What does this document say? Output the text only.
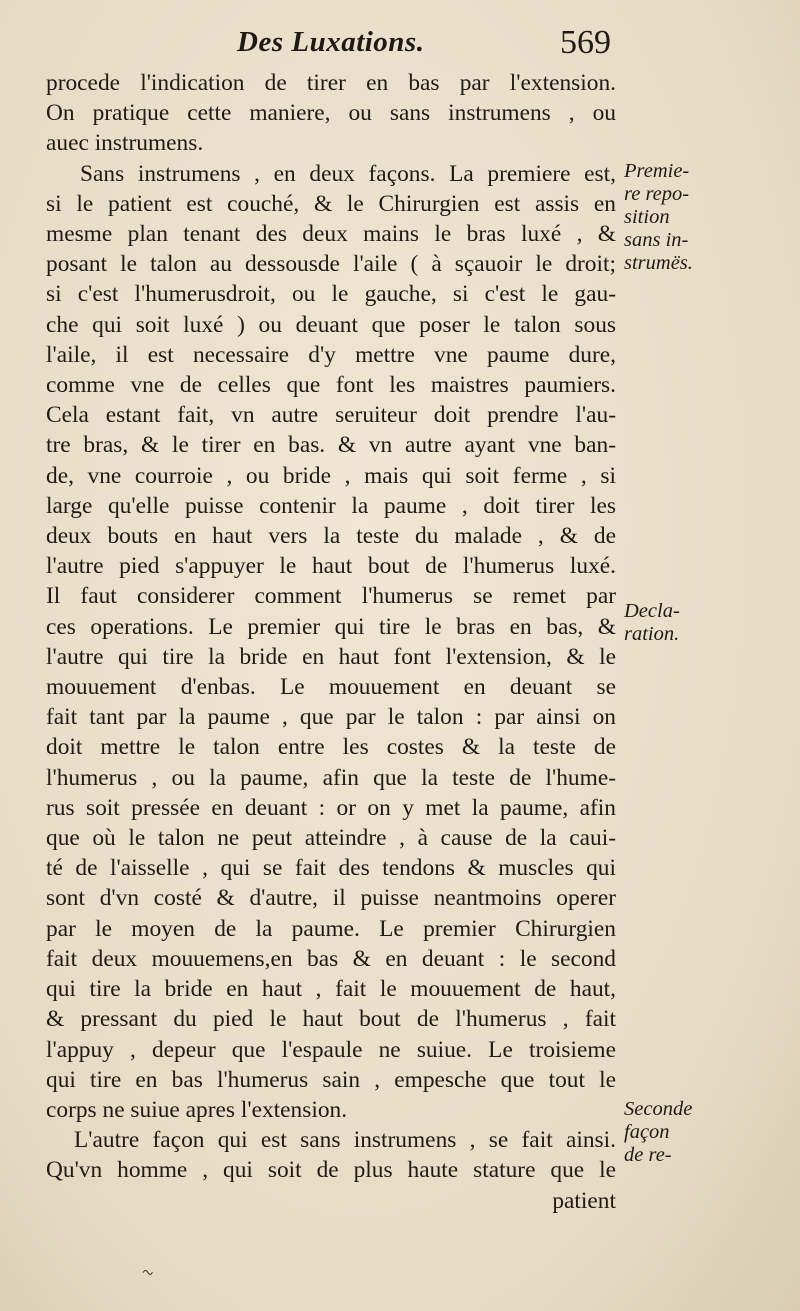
Des Luxations.	569
procede l'indication de tirer en bas par l'extension.
On pratique cette maniere, ou sans instrumens , ou
auec instrumens.
Sans instrumens , en deux façons. La premiere est,
si le patient est couché, & le Chirurgien est assis en
mesme plan tenant des deux mains le bras luxé , &
posant le talon au dessousde l'aile ( à sçauoir le droit;
si c'est l'humerusdroit, ou le gauche, si c'est le gau-
che qui soit luxé ) ou deuant que poser le talon sous
l'aile, il est necessaire d'y mettre vne paume dure,
comme vne de celles que font les maistres paumiers.
Cela estant fait, vn autre seruiteur doit prendre l'au-
tre bras, & le tirer en bas. & vn autre ayant vne ban-
de, vne courroie , ou bride , mais qui soit ferme , si
large qu'elle puisse contenir la paume , doit tirer les
deux bouts en haut vers la teste du malade , & de
l'autre pied s'appuyer le haut bout de l'humerus luxé.
Il faut considerer comment l'humerus se remet par
ces operations. Le premier qui tire le bras en bas, &
l'autre qui tire la bride en haut font l'extension, & le
mouuement d'enbas. Le mouuement en deuant se
fait tant par la paume , que par le talon : par ainsi on
doit mettre le talon entre les costes & la teste de
l'humerus , ou la paume, afin que la teste de l'hume-
rus soit pressée en deuant : or on y met la paume, afin
que où le talon ne peut atteindre , à cause de la caui-
té de l'aisselle , qui se fait des tendons & muscles qui
sont d'vn costé & d'autre, il puisse neantmoins operer
par le moyen de la paume. Le premier Chirurgien
fait deux mouuemens,en bas & en deuant : le second
qui tire la bride en haut , fait le mouuement de haut,
& pressant du pied le haut bout de l'humerus , fait
l'appuy , depeur que l'espaule ne suiue. Le troisieme
qui tire en bas l'humerus sain , empesche que tout le
corps ne suiue apres l'extension.
L'autre façon qui est sans instrumens , se fait ainsi.
Qu'vn homme , qui soit de plus haute stature que le
patient
Premie-
re repo-
sition
sans in-
strumës.
Decla-
ration.
Seconde
façon
de re-
~
